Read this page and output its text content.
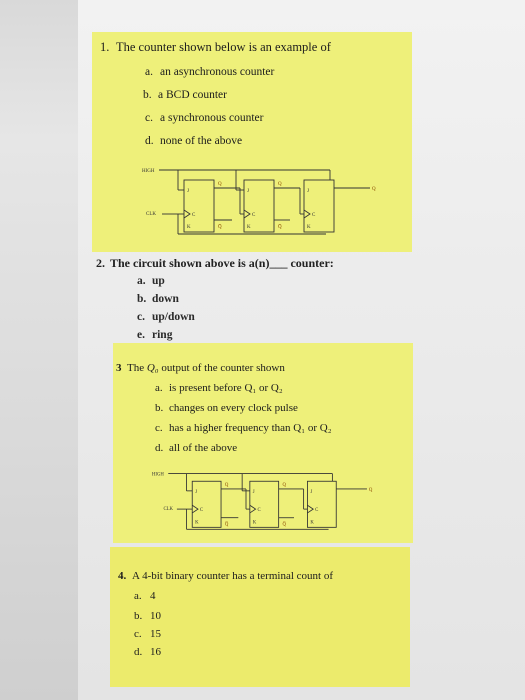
1. The counter shown below is an example of
a. an asynchronous counter
b. a BCD counter
c. a synchronous counter
d. none of the above
HIGH
CLK
J
C
K
Q
Q̅
J
C
K
Q
Q̅
J
C
K
Q
2. The circuit shown above is a(n)___ counter:
a. up
b. down
c. up/down
e. ring
3 The Q₀ output of the counter shown
a. is present before Q₁ or Q₂
b. changes on every clock pulse
c. has a higher frequency than Q₁ or Q₂
d. all of the above
HIGH
CLK
J
C
K
Q
Q̅
J
C
K
Q
Q̅
J
C
K
Q
4. A 4-bit binary counter has a terminal count of
a. 4
b. 10
c. 15
d. 16
